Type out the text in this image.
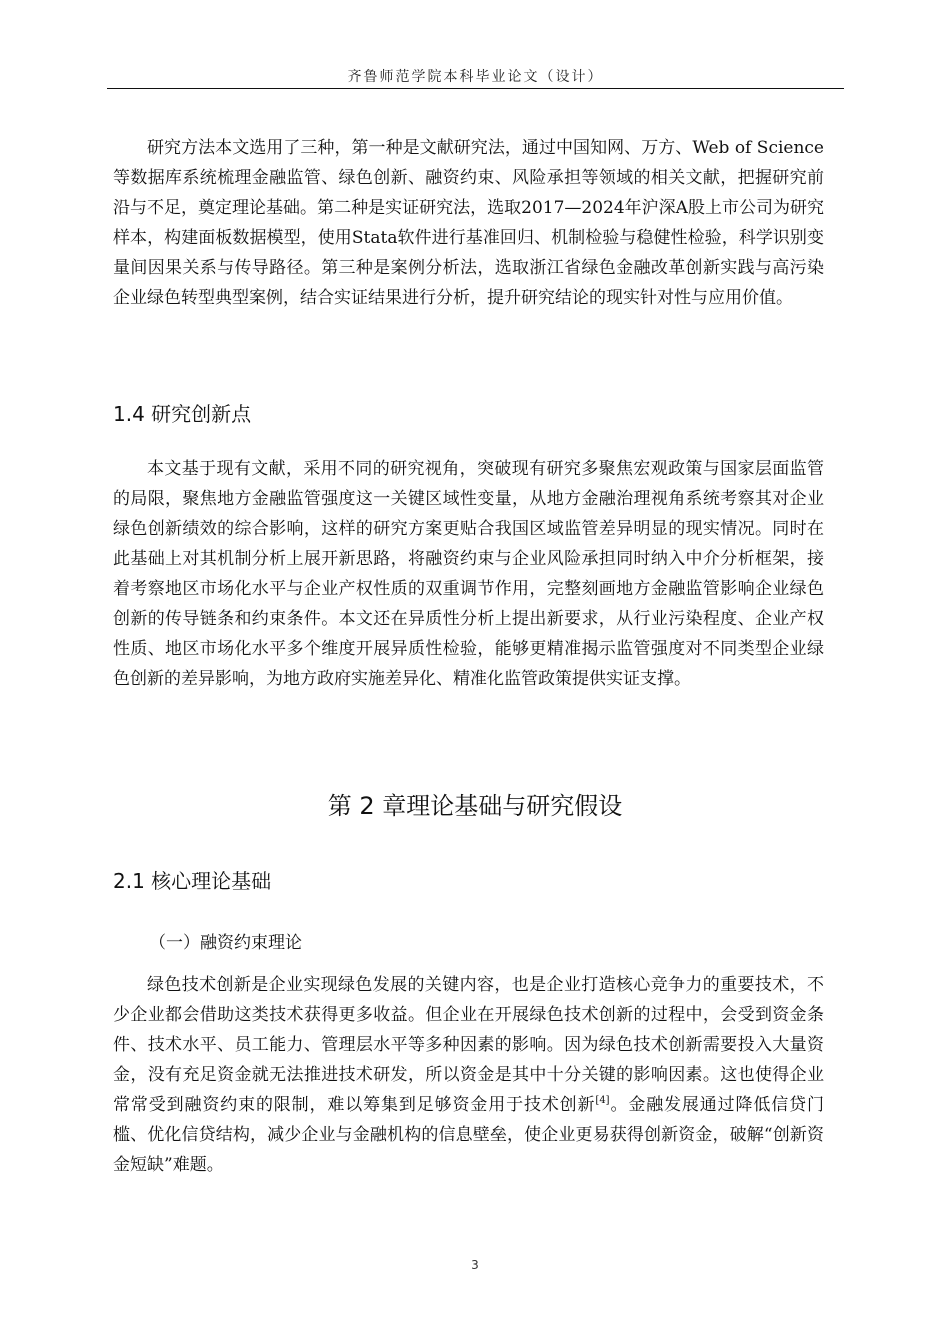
齐鲁师范学院本科毕业论文（设计）

研究方法本文选用了三种，第一种是文献研究法，通过中国知网、万方、Web of Science等数据库系统梳理金融监管、绿色创新、融资约束、风险承担等领域的相关文献，把握研究前沿与不足，奠定理论基础。第二种是实证研究法，选取2017—2024年沪深A股上市公司为研究样本，构建面板数据模型，使用Stata软件进行基准回归、机制检验与稳健性检验，科学识别变量间因果关系与传导路径。第三种是案例分析法，选取浙江省绿色金融改革创新实践与高污染企业绿色转型典型案例，结合实证结果进行分析，提升研究结论的现实针对性与应用价值。

1.4 研究创新点

本文基于现有文献，采用不同的研究视角，突破现有研究多聚焦宏观政策与国家层面监管的局限，聚焦地方金融监管强度这一关键区域性变量，从地方金融治理视角系统考察其对企业绿色创新绩效的综合影响，这样的研究方案更贴合我国区域监管差异明显的现实情况。同时在此基础上对其机制分析上展开新思路，将融资约束与企业风险承担同时纳入中介分析框架，接着考察地区市场化水平与企业产权性质的双重调节作用，完整刻画地方金融监管影响企业绿色创新的传导链条和约束条件。本文还在异质性分析上提出新要求，从行业污染程度、企业产权性质、地区市场化水平多个维度开展异质性检验，能够更精准揭示监管强度对不同类型企业绿色创新的差异影响，为地方政府实施差异化、精准化监管政策提供实证支撑。

第 2 章理论基础与研究假设
2.1 核心理论基础
（一）融资约束理论

绿色技术创新是企业实现绿色发展的关键内容，也是企业打造核心竞争力的重要技术，不少企业都会借助这类技术获得更多收益。但企业在开展绿色技术创新的过程中，会受到资金条件、技术水平、员工能力、管理层水平等多种因素的影响。因为绿色技术创新需要投入大量资金，没有充足资金就无法推进技术研发，所以资金是其中十分关键的影响因素。这也使得企业常常受到融资约束的限制，难以筹集到足够资金用于技术创新[4]。金融发展通过降低信贷门槛、优化信贷结构，减少企业与金融机构的信息壁垒，使企业更易获得创新资金，破解“创新资金短缺”难题。

3
